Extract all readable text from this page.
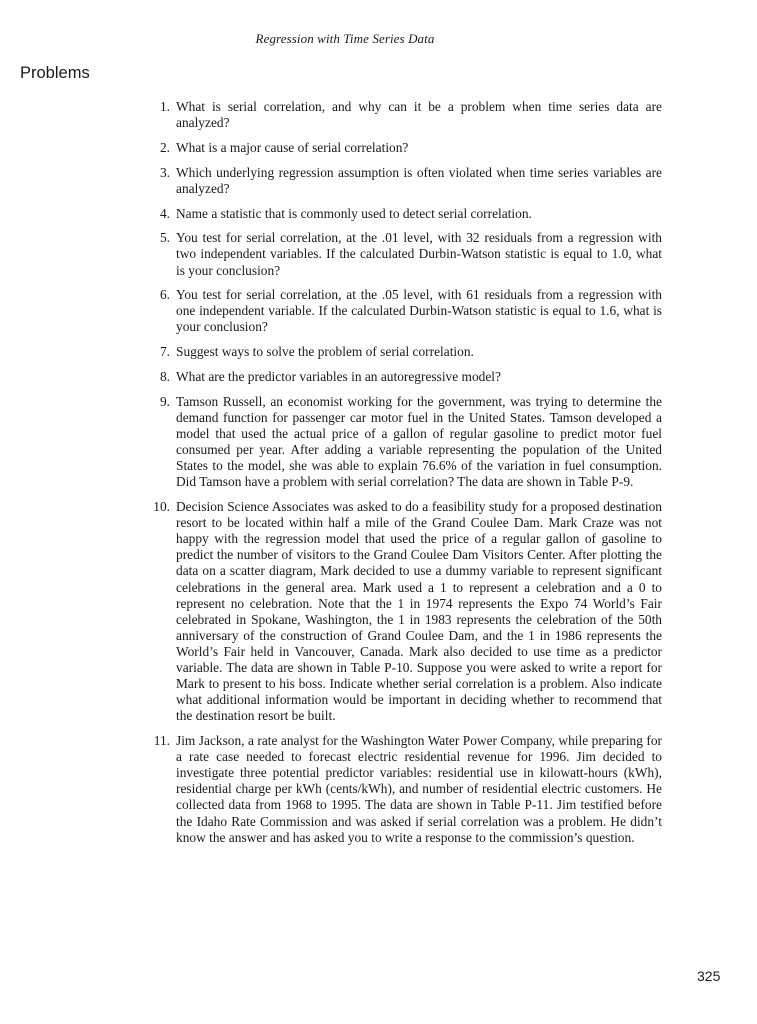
Regression with Time Series Data
Problems
1. What is serial correlation, and why can it be a problem when time series data are analyzed?
2. What is a major cause of serial correlation?
3. Which underlying regression assumption is often violated when time series variables are analyzed?
4. Name a statistic that is commonly used to detect serial correlation.
5. You test for serial correlation, at the .01 level, with 32 residuals from a regression with two independent variables. If the calculated Durbin-Watson statistic is equal to 1.0, what is your conclusion?
6. You test for serial correlation, at the .05 level, with 61 residuals from a regression with one independent variable. If the calculated Durbin-Watson statistic is equal to 1.6, what is your conclusion?
7. Suggest ways to solve the problem of serial correlation.
8. What are the predictor variables in an autoregressive model?
9. Tamson Russell, an economist working for the government, was trying to determine the demand function for passenger car motor fuel in the United States. Tamson developed a model that used the actual price of a gallon of regular gasoline to predict motor fuel consumed per year. After adding a variable representing the population of the United States to the model, she was able to explain 76.6% of the variation in fuel consumption. Did Tamson have a problem with serial correlation? The data are shown in Table P-9.
10. Decision Science Associates was asked to do a feasibility study for a proposed destination resort to be located within half a mile of the Grand Coulee Dam. Mark Craze was not happy with the regression model that used the price of a regular gallon of gasoline to predict the number of visitors to the Grand Coulee Dam Visitors Center. After plotting the data on a scatter diagram, Mark decided to use a dummy variable to represent significant celebrations in the general area. Mark used a 1 to represent a celebration and a 0 to represent no celebration. Note that the 1 in 1974 represents the Expo 74 World’s Fair celebrated in Spokane, Washington, the 1 in 1983 represents the celebration of the 50th anniversary of the construction of Grand Coulee Dam, and the 1 in 1986 represents the World’s Fair held in Vancouver, Canada. Mark also decided to use time as a predictor variable. The data are shown in Table P-10. Suppose you were asked to write a report for Mark to present to his boss. Indicate whether serial correlation is a problem. Also indicate what additional information would be important in deciding whether to recommend that the destination resort be built.
11. Jim Jackson, a rate analyst for the Washington Water Power Company, while preparing for a rate case needed to forecast electric residential revenue for 1996. Jim decided to investigate three potential predictor variables: residential use in kilowatt-hours (kWh), residential charge per kWh (cents/kWh), and number of residential electric customers. He collected data from 1968 to 1995. The data are shown in Table P-11. Jim testified before the Idaho Rate Commission and was asked if serial correlation was a problem. He didn’t know the answer and has asked you to write a response to the commission’s question.
325
